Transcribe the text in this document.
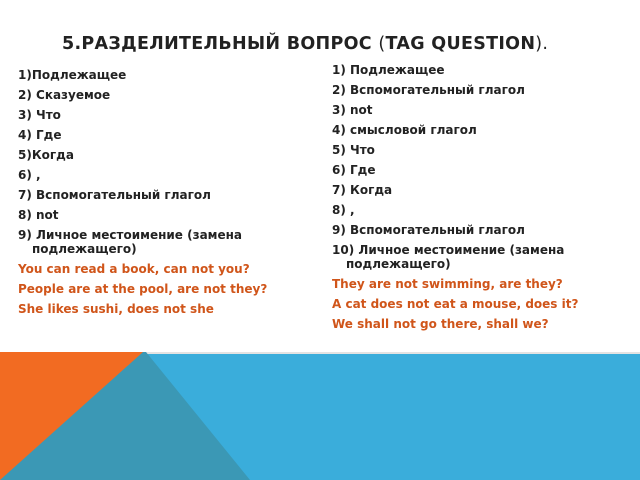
5.РАЗДЕЛИТЕЛЬНЫЙ ВОПРОС (TAG QUESTION).
1)Подлежащее
2) Сказуемое
3) Что
4) Где
5)Когда
6) ,
7) Вспомогательный глагол
8) not
9) Личное местоимение (замена подлежащего)
You can read a book, can not you?
People are at the pool, are not they?
She likes sushi, does not she
1) Подлежащее
2) Вспомогательный глагол
3) not
4) смысловой глагол
5) Что
6) Где
7) Когда
8) ,
9) Вспомогательный глагол
10) Личное местоимение (замена подлежащего)
They are not swimming, are they?
A cat does not eat a mouse, does it?
We shall not go there, shall we?
